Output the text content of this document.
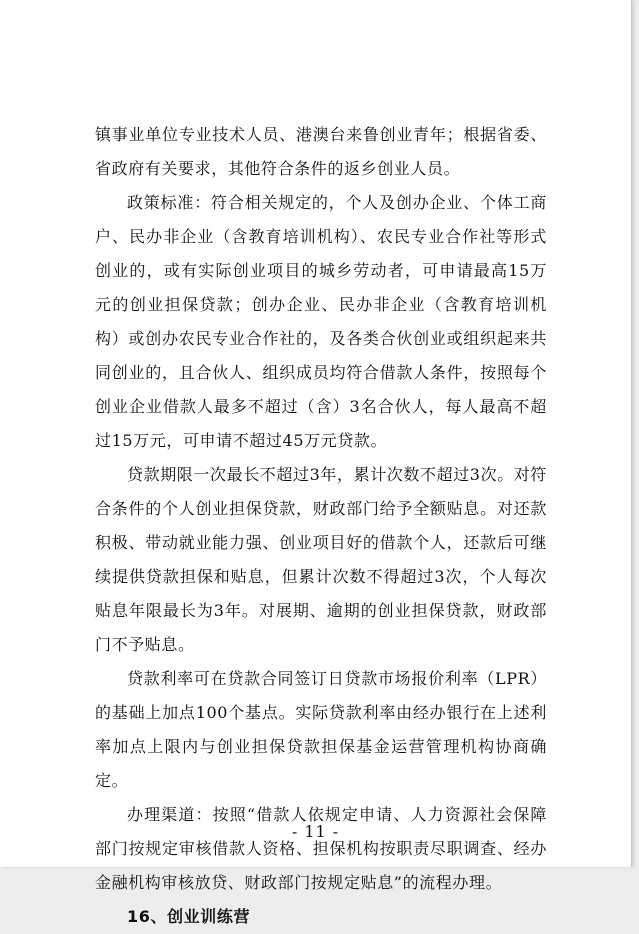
镇事业单位专业技术人员、港澳台来鲁创业青年；根据省委、省政府有关要求，其他符合条件的返乡创业人员。

政策标准：符合相关规定的，个人及创办企业、个体工商户、民办非企业（含教育培训机构）、农民专业合作社等形式创业的，或有实际创业项目的城乡劳动者，可申请最高15万元的创业担保贷款；创办企业、民办非企业（含教育培训机构）或创办农民专业合作社的，及各类合伙创业或组织起来共同创业的，且合伙人、组织成员均符合借款人条件，按照每个创业企业借款人最多不超过（含）3名合伙人，每人最高不超过15万元，可申请不超过45万元贷款。

贷款期限一次最长不超过3年，累计次数不超过3次。对符合条件的个人创业担保贷款，财政部门给予全额贴息。对还款积极、带动就业能力强、创业项目好的借款个人，还款后可继续提供贷款担保和贴息，但累计次数不得超过3次，个人每次贴息年限最长为3年。对展期、逾期的创业担保贷款，财政部门不予贴息。

贷款利率可在贷款合同签订日贷款市场报价利率（LPR）的基础上加点100个基点。实际贷款利率由经办银行在上述利率加点上限内与创业担保贷款担保基金运营管理机构协商确定。

办理渠道：按照“借款人依规定申请、人力资源社会保障部门按规定审核借款人资格、担保机构按职责尽职调查、经办金融机构审核放贷、财政部门按规定贴息”的流程办理。

16、创业训练营

- 11 -
